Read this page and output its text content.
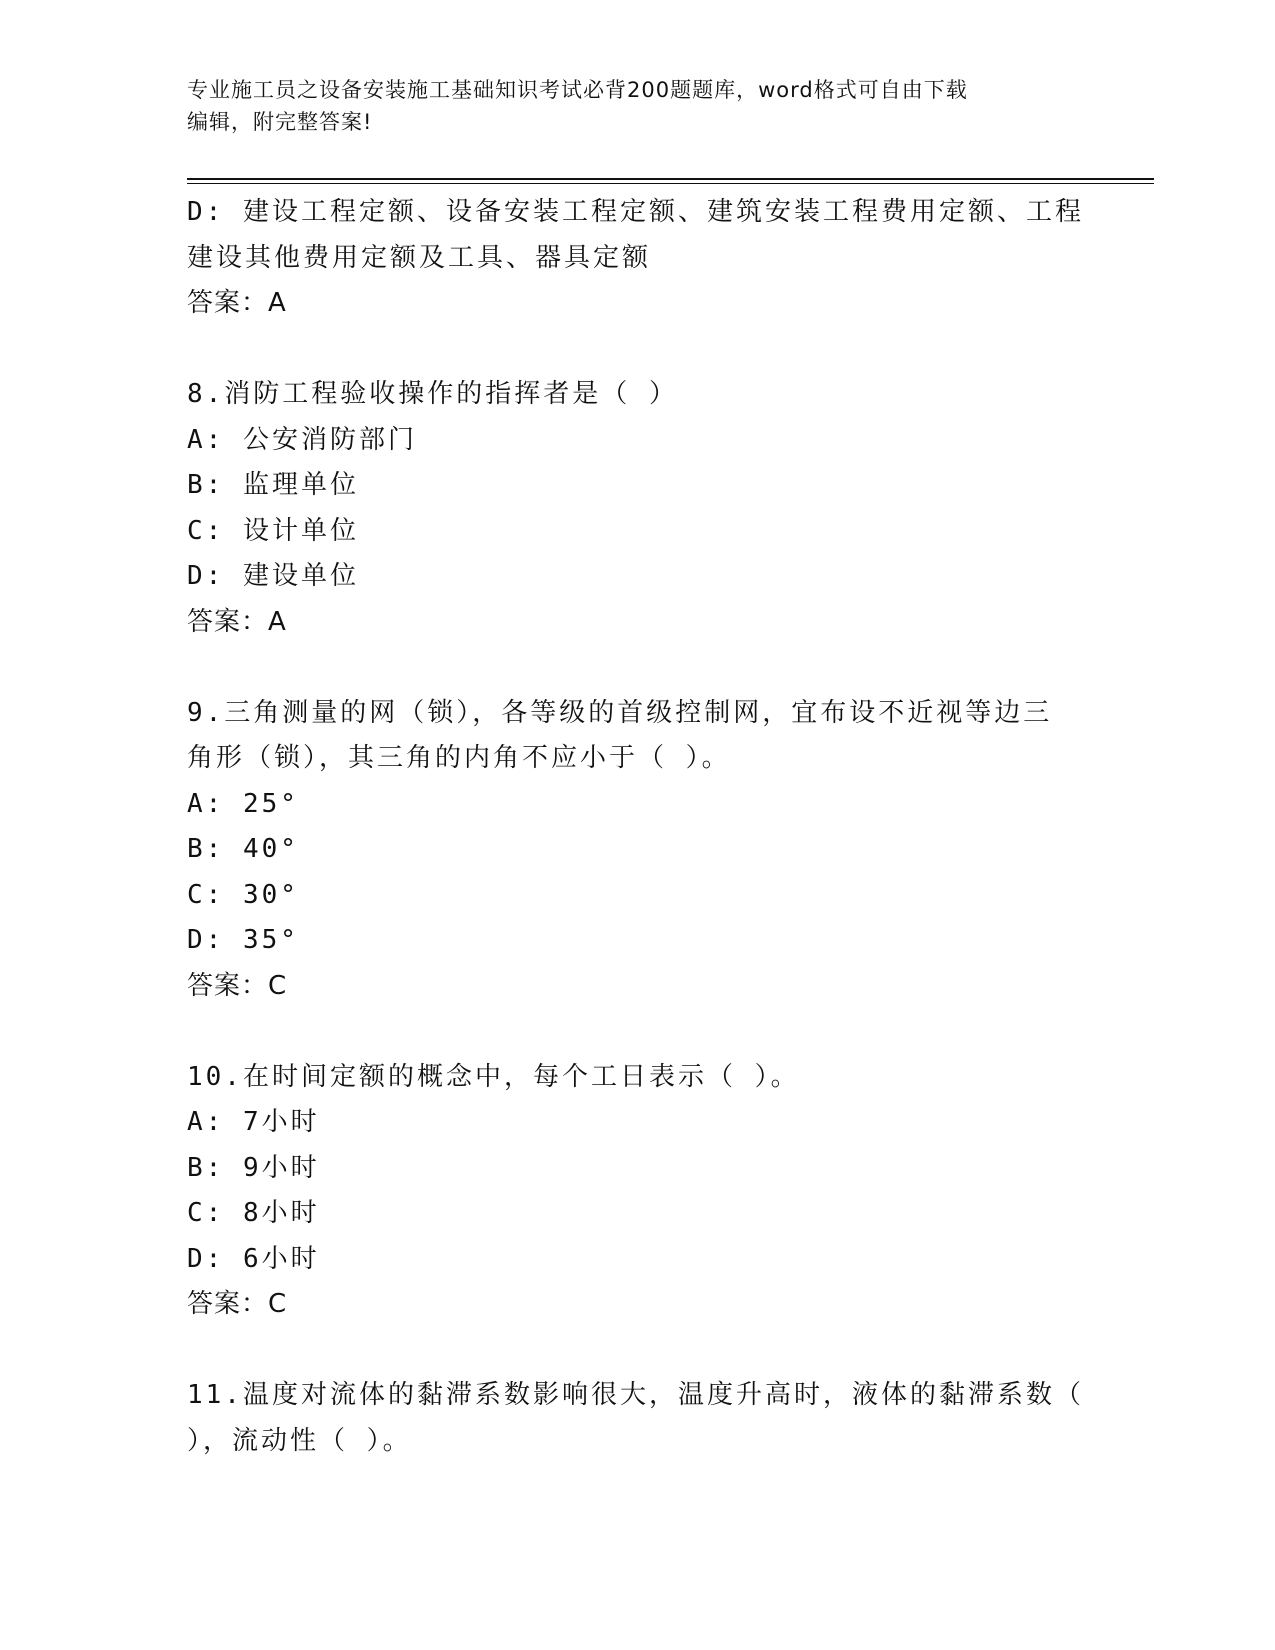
专业施工员之设备安装施工基础知识考试必背200题题库，word格式可自由下载
编辑，附完整答案!
D: 建设工程定额、设备安装工程定额、建筑安装工程费用定额、工程
建设其他费用定额及工具、器具定额
答案：A
8.消防工程验收操作的指挥者是（ ）
A: 公安消防部门
B: 监理单位
C: 设计单位
D: 建设单位
答案：A
9.三角测量的网（锁），各等级的首级控制网，宜布设不近视等边三
角形（锁），其三角的内角不应小于（ ）。
A: 25°
B: 40°
C: 30°
D: 35°
答案：C
10.在时间定额的概念中，每个工日表示（ ）。
A: 7小时
B: 9小时
C: 8小时
D: 6小时
答案：C
11.温度对流体的黏滞系数影响很大，温度升高时，液体的黏滞系数（
），流动性（ ）。
